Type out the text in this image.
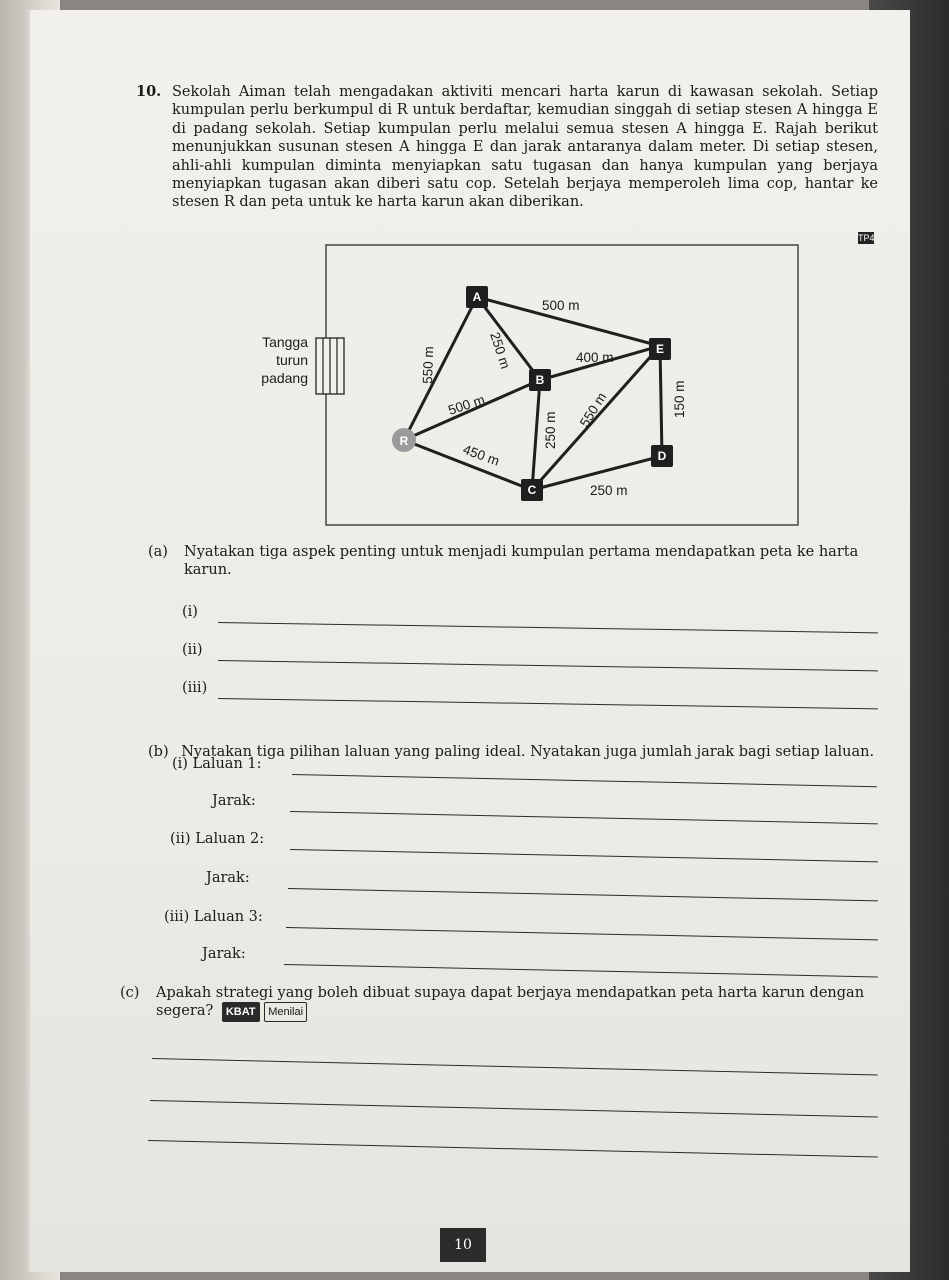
10. Sekolah Aiman telah mengadakan aktiviti mencari harta karun di kawasan sekolah. Setiap kumpulan perlu berkumpul di R untuk berdaftar, kemudian singgah di setiap stesen A hingga E di padang sekolah. Setiap kumpulan perlu melalui semua stesen A hingga E. Rajah berikut menunjukkan susunan stesen A hingga E dan jarak antaranya dalam meter. Di setiap stesen, ahli-ahli kumpulan diminta menyiapkan satu tugasan dan hanya kumpulan yang berjaya menyiapkan tugasan akan diberi satu cop. Setelah berjaya memperoleh lima cop, hantar ke stesen R dan peta untuk ke harta karun akan diberikan.
TP4
Tangga
turun
padang
A
B
E
C
D
R
500 m
250 m
550 m	400 m
500 m
250 m
550 m	150 m
450 m
250 m
(a) Nyatakan tiga aspek penting untuk menjadi kumpulan pertama mendapatkan peta ke harta karun.
(i)
(ii)
(iii)
(b) Nyatakan tiga pilihan laluan yang paling ideal. Nyatakan juga jumlah jarak bagi setiap laluan.
(i) Laluan 1:
Jarak:
(ii) Laluan 2:
Jarak:
(iii) Laluan 3:
Jarak:
(c) Apakah strategi yang boleh dibuat supaya dapat berjaya mendapatkan peta harta karun dengan segera? KBAT Menilai
10
